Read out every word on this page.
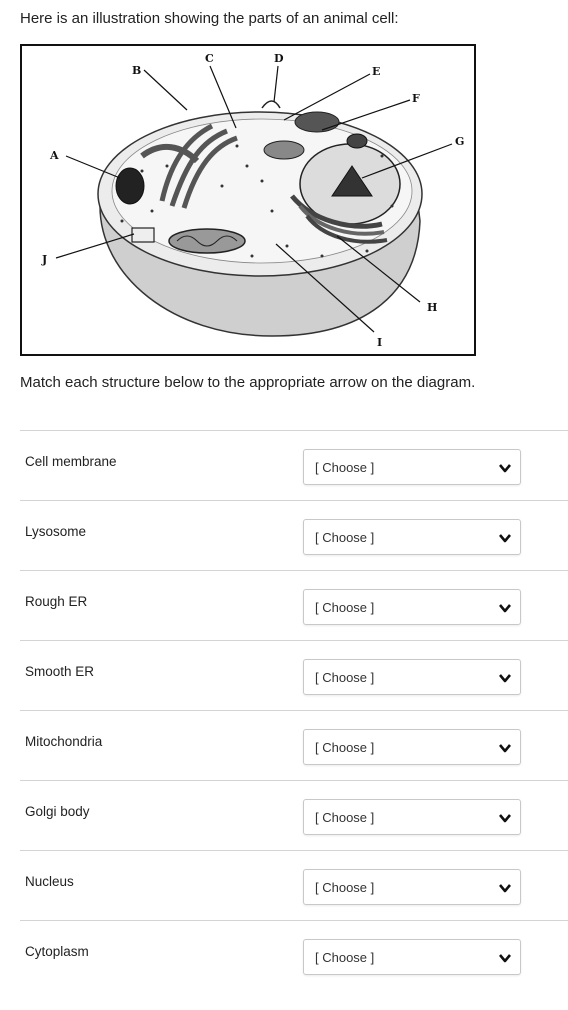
Here is an illustration showing the parts of an animal cell:
B
C	D
E
F
G
A
J
H
I
Match each structure below to the appropriate arrow on the diagram.
Cell membrane	[ Choose ]
Lysosome	[ Choose ]
Rough ER	[ Choose ]
Smooth ER	[ Choose ]
Mitochondria	[ Choose ]
Golgi body	[ Choose ]
Nucleus	[ Choose ]
Cytoplasm	[ Choose ]
